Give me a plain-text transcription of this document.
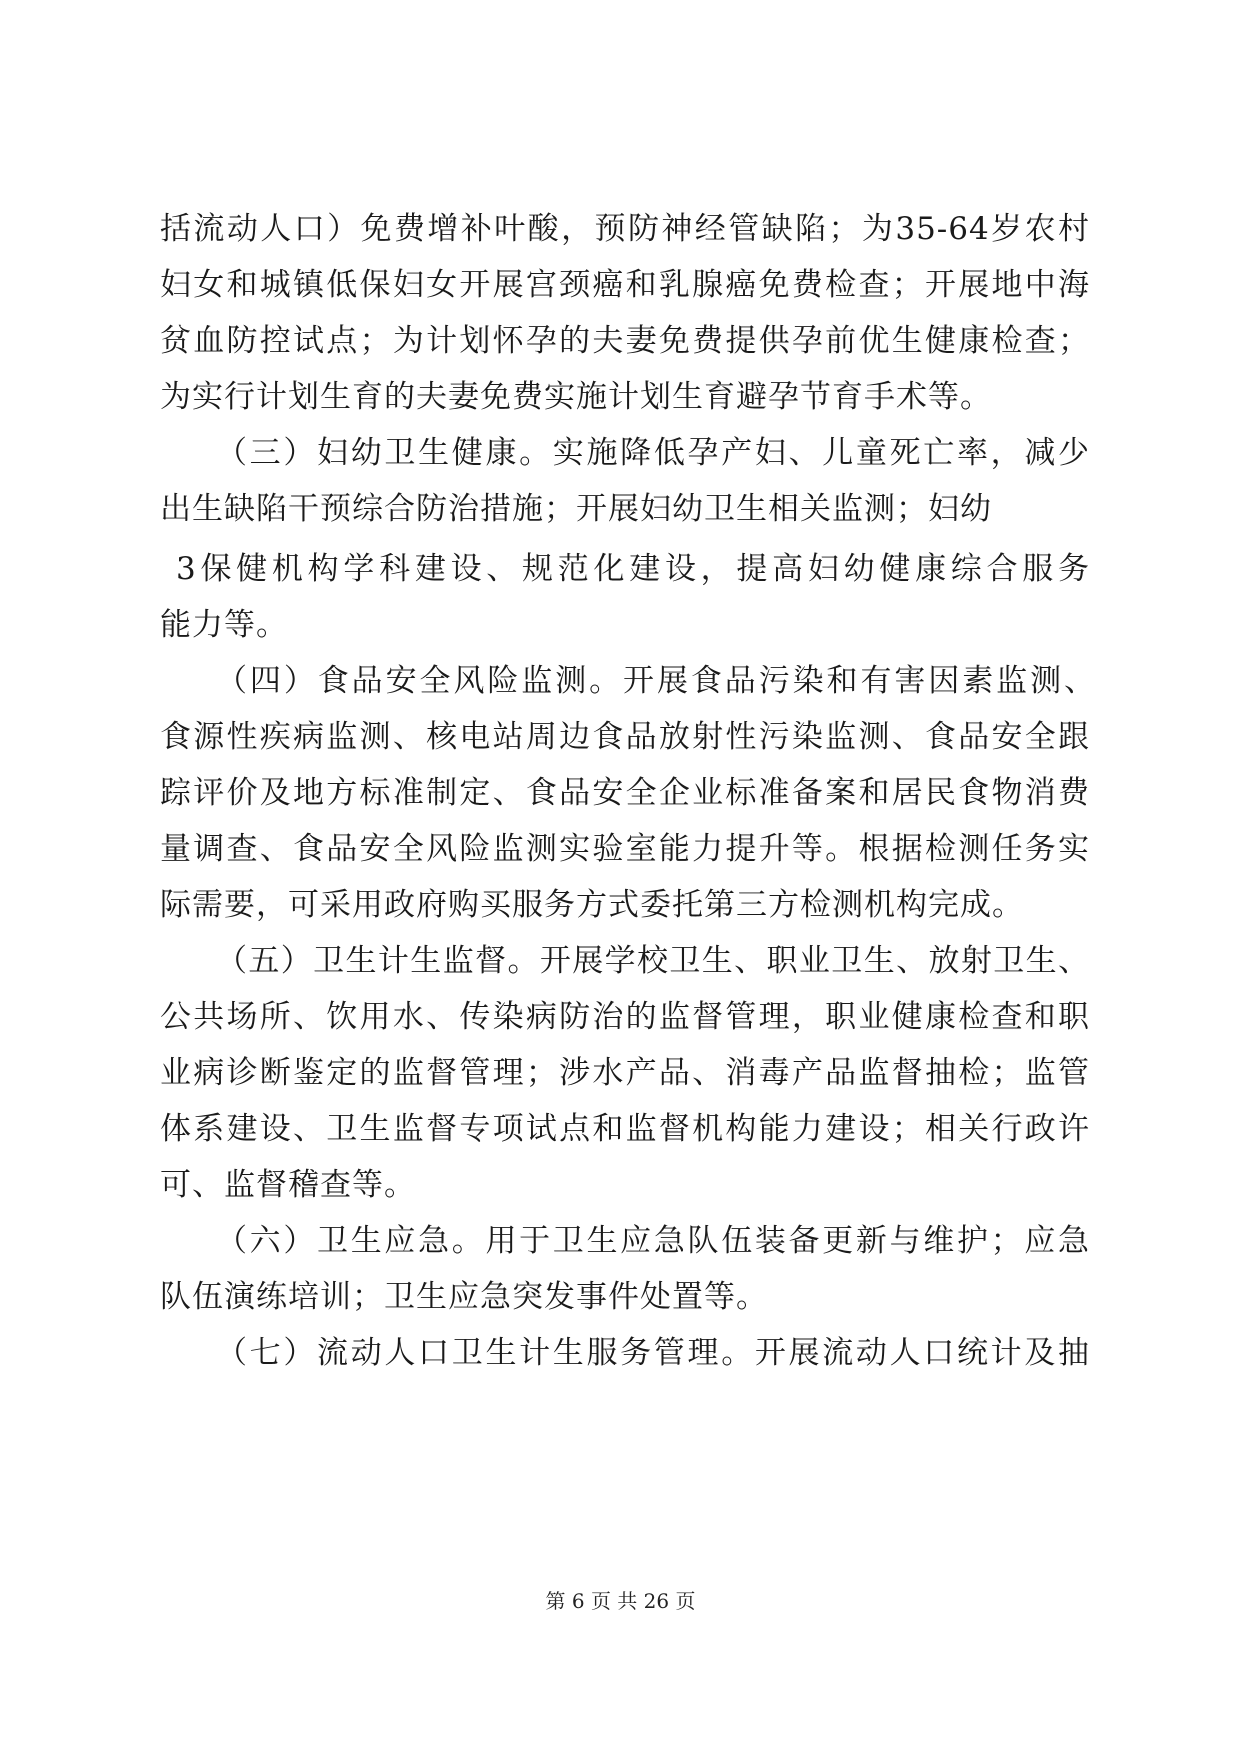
括流动人口）免费增补叶酸，预防神经管缺陷；为35-64岁农村
妇女和城镇低保妇女开展宫颈癌和乳腺癌免费检查；开展地中海
贫血防控试点；为计划怀孕的夫妻免费提供孕前优生健康检查；
为实行计划生育的夫妻免费实施计划生育避孕节育手术等。
（三）妇幼卫生健康。实施降低孕产妇、儿童死亡率，减少
出生缺陷干预综合防治措施；开展妇幼卫生相关监测；妇幼
3保健机构学科建设、规范化建设，提高妇幼健康综合服务
能力等。
（四）食品安全风险监测。开展食品污染和有害因素监测、
食源性疾病监测、核电站周边食品放射性污染监测、食品安全跟
踪评价及地方标准制定、食品安全企业标准备案和居民食物消费
量调查、食品安全风险监测实验室能力提升等。根据检测任务实
际需要，可采用政府购买服务方式委托第三方检测机构完成。
（五）卫生计生监督。开展学校卫生、职业卫生、放射卫生、
公共场所、饮用水、传染病防治的监督管理，职业健康检查和职
业病诊断鉴定的监督管理；涉水产品、消毒产品监督抽检；监管
体系建设、卫生监督专项试点和监督机构能力建设；相关行政许
可、监督稽查等。
（六）卫生应急。用于卫生应急队伍装备更新与维护；应急
队伍演练培训；卫生应急突发事件处置等。
（七）流动人口卫生计生服务管理。开展流动人口统计及抽
第 6 页 共 26 页
